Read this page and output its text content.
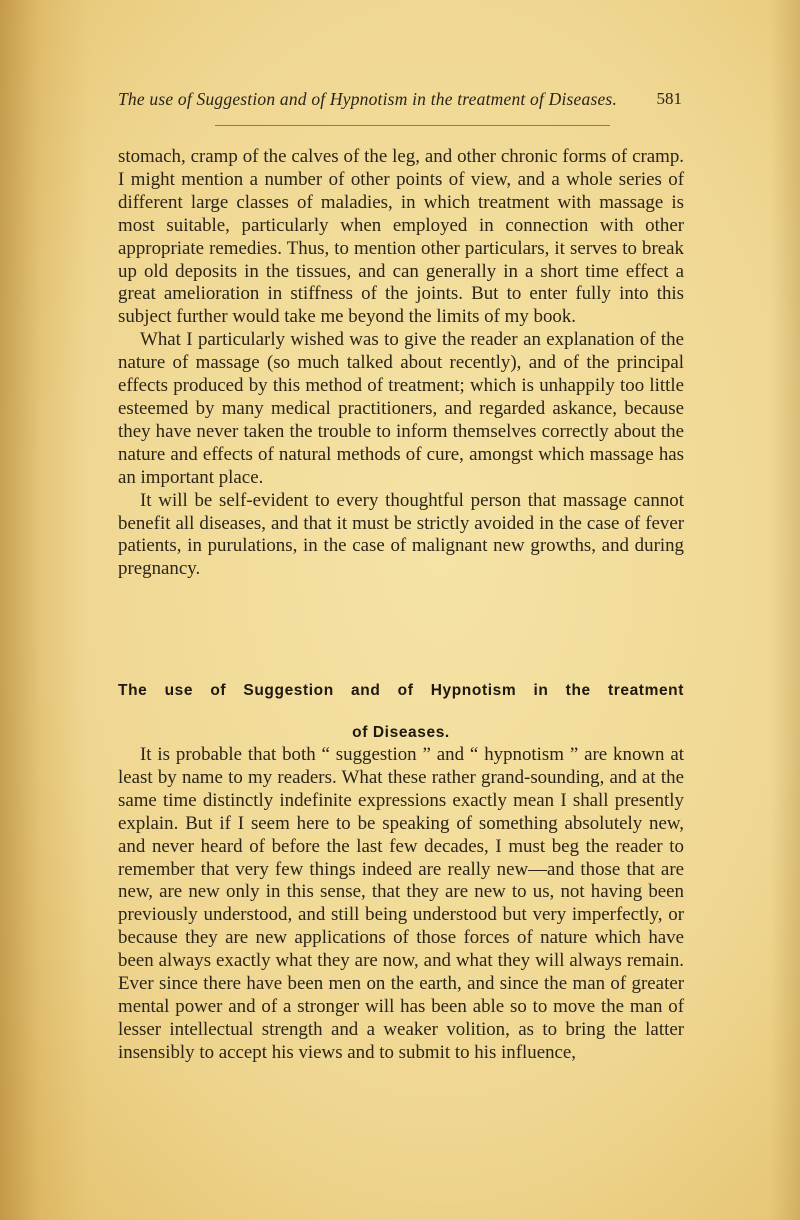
The use of Suggestion and of Hypnotism in the treatment of Diseases. 581

stomach, cramp of the calves of the leg, and other chronic forms of cramp. I might mention a number of other points of view, and a whole series of different large classes of maladies, in which treatment with massage is most suitable, particularly when employed in connection with other appropriate remedies. Thus, to mention other particulars, it serves to break up old deposits in the tissues, and can generally in a short time effect a great amelioration in stiffness of the joints. But to enter fully into this subject further would take me beyond the limits of my book.

What I particularly wished was to give the reader an explanation of the nature of massage (so much talked about recently), and of the principal effects produced by this method of treatment; which is unhappily too little esteemed by many medical practitioners, and regarded askance, because they have never taken the trouble to inform themselves correctly about the nature and effects of natural methods of cure, amongst which massage has an important place.

It will be self-evident to every thoughtful person that massage cannot benefit all diseases, and that it must be strictly avoided in the case of fever patients, in purulations, in the case of malignant new growths, and during pregnancy.

The use of Suggestion and of Hypnotism in the treatment
of Diseases.

It is probable that both “ suggestion ” and “ hypnotism ” are known at least by name to my readers. What these rather grand-sounding, and at the same time distinctly indefinite expressions exactly mean I shall presently explain. But if I seem here to be speaking of something absolutely new, and never heard of before the last few decades, I must beg the reader to remember that very few things indeed are really new—and those that are new, are new only in this sense, that they are new to us, not having been previously understood, and still being understood but very imperfectly, or because they are new applications of those forces of nature which have been always exactly what they are now, and what they will always remain. Ever since there have been men on the earth, and since the man of greater mental power and of a stronger will has been able so to move the man of lesser intellectual strength and a weaker volition, as to bring the latter insensibly to accept his views and to submit to his influence,
